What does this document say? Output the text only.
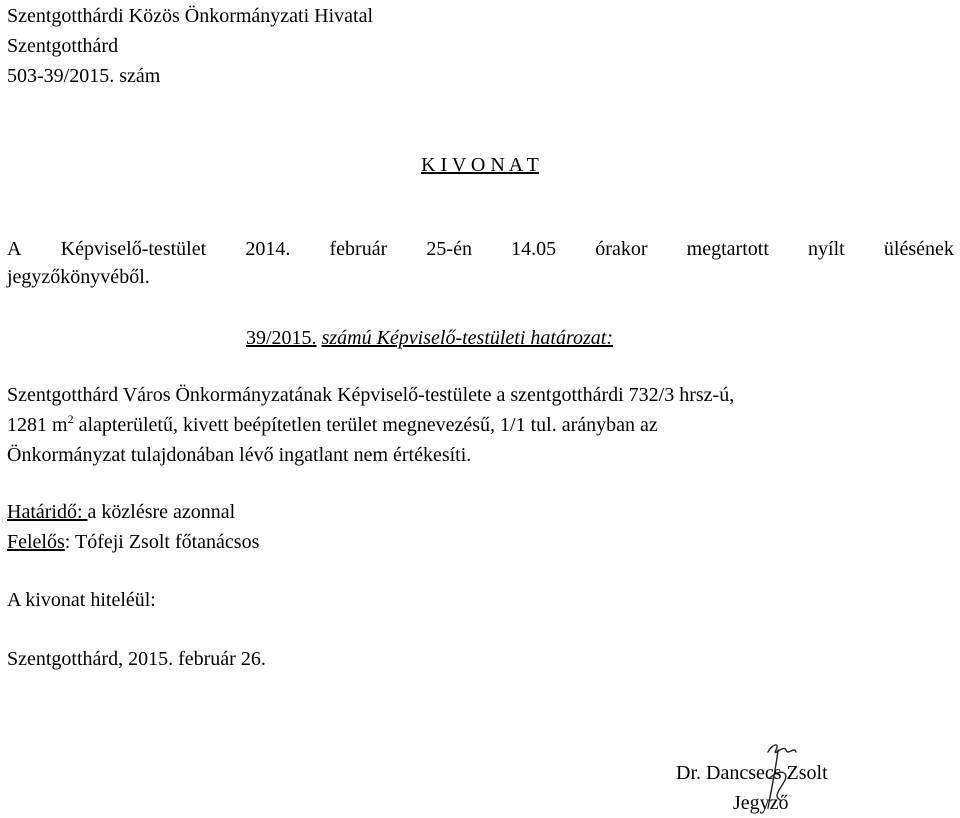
Szentgotthárdi Közös Önkormányzati Hivatal
Szentgotthárd
503-39/2015. szám
K I V O N A T
A Képviselő-testület 2014. február 25-én 14.05 órakor megtartott nyílt ülésének
jegyzőkönyvéből.
39/2015. számú Képviselő-testületi határozat:
Szentgotthárd Város Önkormányzatának Képviselő-testülete a szentgotthárdi 732/3 hrsz-ú,
1281 $m^2$ alapterületű, kivett beépítetlen terület megnevezésű, 1/1 tul. arányban az
Önkormányzat tulajdonában lévő ingatlant nem értékesíti.
Határidő: a közlésre azonnal
Felelős: Tófeji Zsolt főtanácsos
A kivonat hiteléül:
Szentgotthárd, 2015. február 26.
Dr. Dancsecs Zsolt
Jegyző
